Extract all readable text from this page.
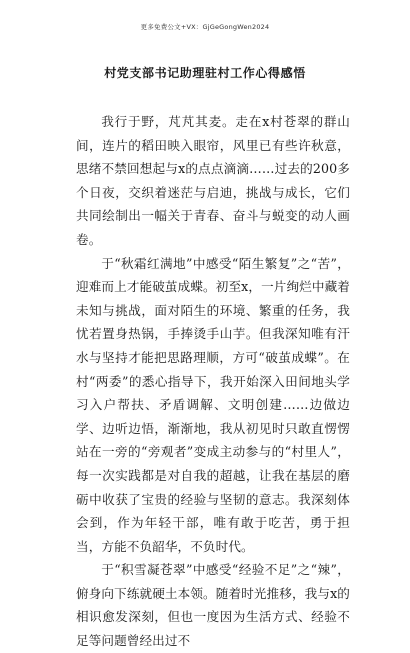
更多免费公文+VX：GjGeGongWen2024
村党支部书记助理驻村工作心得感悟

我行于野，芃芃其麦。走在x村苍翠的群山间，连片的稻田映入眼帘，风里已有些许秋意，思绪不禁回想起与x的点点滴滴……过去的200多个日夜，交织着迷茫与启迪，挑战与成长，它们共同绘制出一幅关于青春、奋斗与蜕变的动人画卷。

于“秋霜红满地”中感受“陌生繁复”之“苦”，迎难而上才能破茧成蝶。初至x，一片绚烂中藏着未知与挑战，面对陌生的环境、繁重的任务，我忧若置身热锅，手捧烫手山芋。但我深知唯有汗水与坚持才能把思路理顺，方可“破茧成蝶”。在村“两委”的悉心指导下，我开始深入田间地头学习入户帮扶、矛盾调解、文明创建……边做边学、边听边悟，渐渐地，我从初见时只敢直愣愣站在一旁的“旁观者”变成主动参与的“村里人”，每一次实践都是对自我的超越，让我在基层的磨砺中收获了宝贵的经验与坚韧的意志。我深刻体会到，作为年轻干部，唯有敢于吃苦，勇于担当，方能不负韶华，不负时代。

于“积雪凝苍翠”中感受“经验不足”之“辣”，俯身向下练就硬土本领。随着时光推移，我与x的相识愈发深刻，但也一度因为生活方式、经验不足等问题曾经出过不
